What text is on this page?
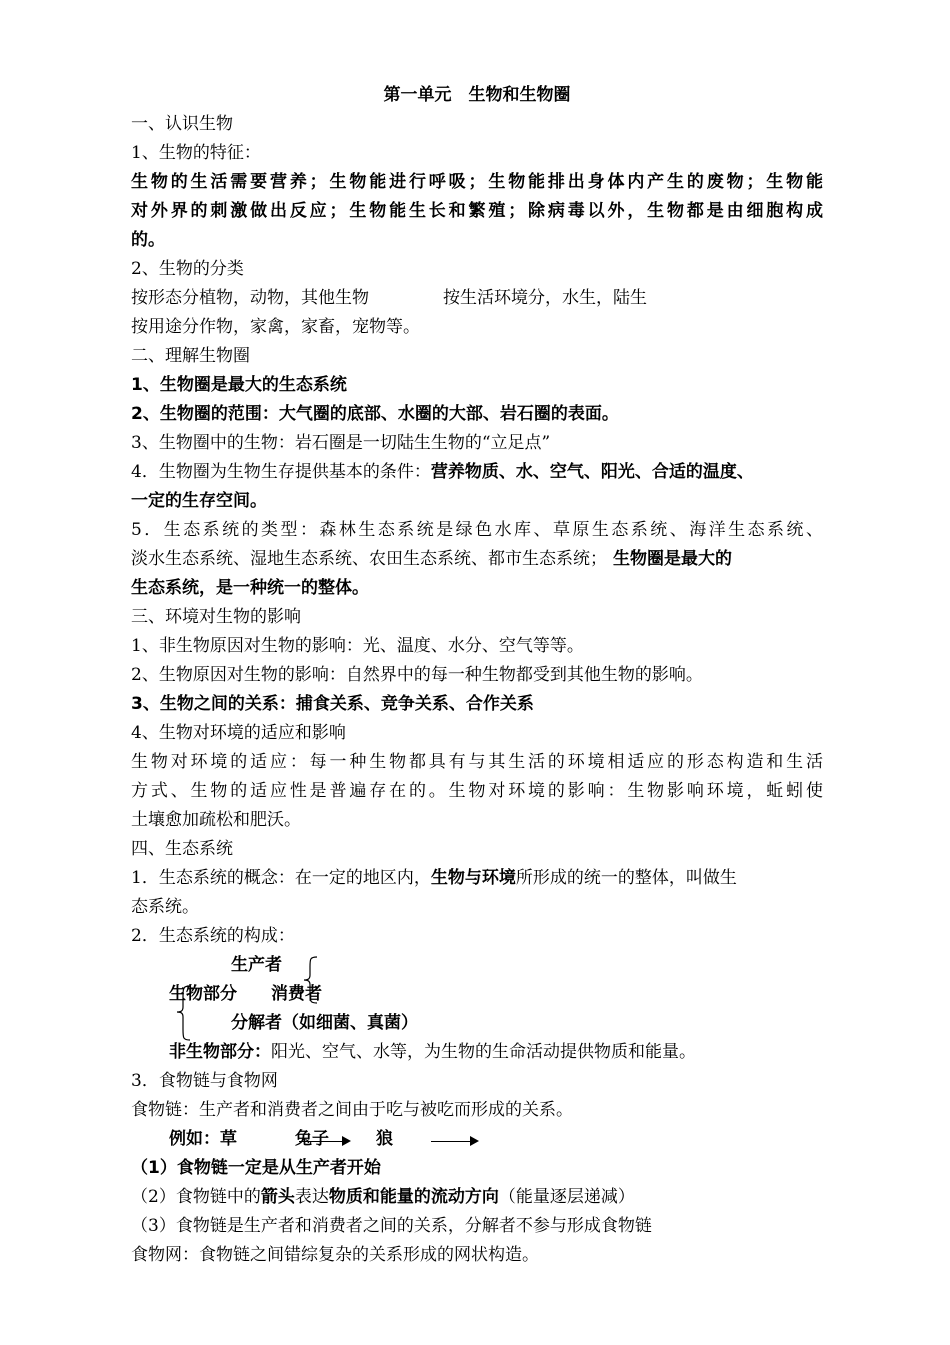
第一单元　生物和生物圈
一、认识生物
1、生物的特征：
生物的生活需要营养；生物能进行呼吸；生物能排出身体内产生的废物；生物能
对外界的刺激做出反应；生物能生长和繁殖；除病毒以外，生物都是由细胞构成
的。
2、生物的分类
按形态分植物，动物，其他生物	按生活环境分，水生，陆生
按用途分作物，家禽，家畜，宠物等。
二、理解生物圈
1、生物圈是最大的生态系统
2、生物圈的范围：大气圈的底部、水圈的大部、岩石圈的表面。
3、生物圈中的生物：岩石圈是一切陆生生物的“立足点”
4．生物圈为生物生存提供基本的条件：营养物质、水、空气、阳光、合适的温度、
一定的生存空间。
5．生态系统的类型：森林生态系统是绿色水库、草原生态系统、海洋生态系统、
淡水生态系统、湿地生态系统、农田生态系统、都市生态系统； 生物圈是最大的
生态系统，是一种统一的整体。
三、环境对生物的影响
1、非生物原因对生物的影响：光、温度、水分、空气等等。
2、生物原因对生物的影响：自然界中的每一种生物都受到其他生物的影响。
3、生物之间的关系：捕食关系、竞争关系、合作关系
4、生物对环境的适应和影响
生物对环境的适应：每一种生物都具有与其生活的环境相适应的形态构造和生活
方式、生物的适应性是普遍存在的。生物对环境的影响：生物影响环境，蚯蚓使
土壤愈加疏松和肥沃。
四、生态系统
1．生态系统的概念：在一定的地区内，生物与环境所形成的统一的整体，叫做生
态系统。
2．生态系统的构成：
生产者
生物部分 消费者
分解者（如细菌、真菌）
非生物部分：阳光、空气、水等，为生物的生命活动提供物质和能量。
3．食物链与食物网
食物链：生产者和消费者之间由于吃与被吃而形成的关系。
例如：草	兔子	狼
（1）食物链一定是从生产者开始
（2）食物链中的箭头表达物质和能量的流动方向（能量逐层递减）
（3）食物链是生产者和消费者之间的关系，分解者不参与形成食物链
食物网：食物链之间错综复杂的关系形成的网状构造。
